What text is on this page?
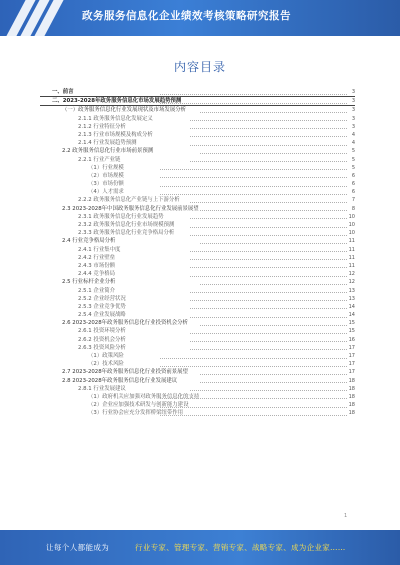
政务服务信息化企业绩效考核策略研究报告
内容目录
一、前言	3
二、2023-2028年政务服务信息化市场发展趋势预测	3
（一）政务服务信息化行业发展现状及市场发展分析	3
2.1.1 政务服务信息化发展定义	3
2.1.2 行业特征分析	3
2.1.3 行业市场规模及构成分析	4
2.1.4 行业发展趋势预测	4
2.2 政务服务信息化行业市场前景预测	5
2.2.1 行业产业链	5
（1）行业规模	5
（2）市场规模	6
（3）市场份额	6
（4）人才需求	6
2.2.2 政务服务信息化产业链与上下游分析	7
2.3 2023-2028年中国政务服务信息化行业发展前景展望	8
2.3.1 政务服务信息化行业发展趋势	10
2.3.2 政务服务信息化行业市场规模预测	10
2.3.3 政务服务信息化行业竞争格局分析	10
2.4 行业竞争格局分析	11
2.4.1 行业集中度	11
2.4.2 行业壁垒	11
2.4.3 市场份额	11
2.4.4 竞争格局	12
2.5 行业标杆企业分析	12
2.5.1 企业简介	13
2.5.2 企业经营状况	13
2.5.3 企业竞争优势	14
2.5.4 企业发展战略	14
2.6 2023-2028年政务服务信息化行业投资机会分析	15
2.6.1 投资环境分析	15
2.6.2 投资机会分析	16
2.6.3 投资风险分析	17
（1）政策风险	17
（2）技术风险	17
2.7 2023-2028年政务服务信息化行业投资前景展望	17
2.8 2023-2028年政务服务信息化行业发展建议	18
2.8.1 行业发展建议	18
（1）政府机关应加强对政务服务信息化的支持	18
（2）企业应加强技术研发与创新能力建设	18
（3）行业协会应充分发挥桥梁纽带作用	18
1
让每个人都能成为	行业专家、管理专家、营销专家、战略专家、成为企业家……
